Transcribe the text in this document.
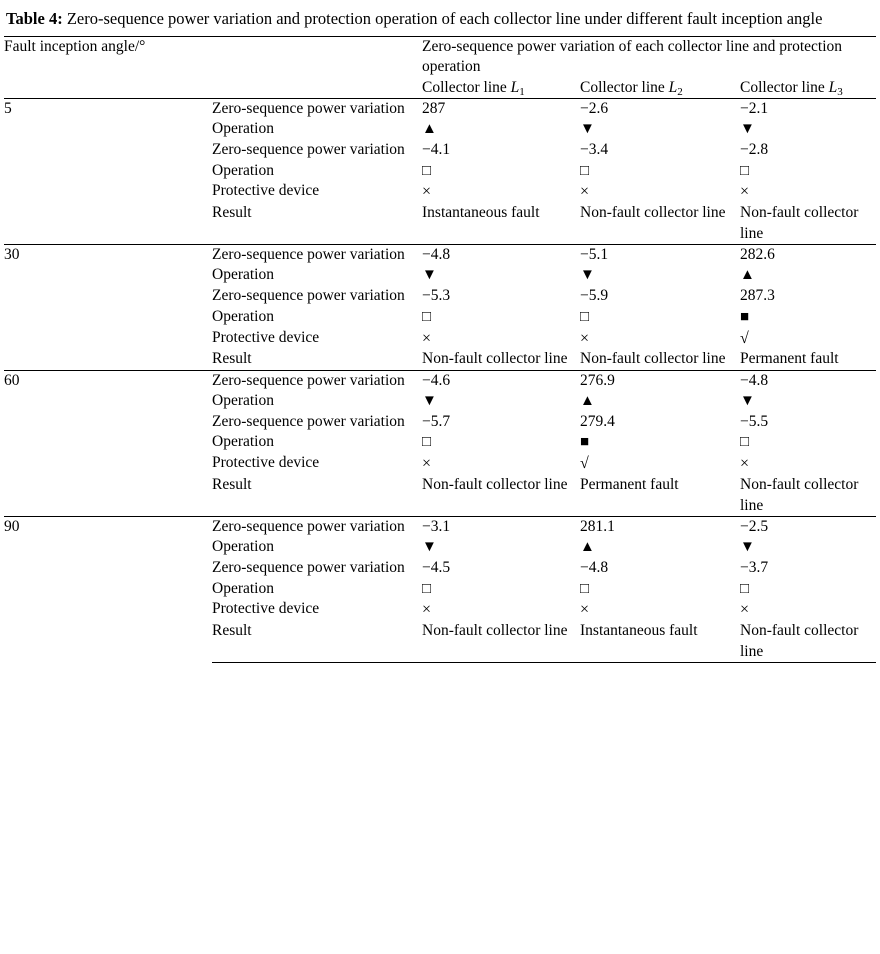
Table 4: Zero-sequence power variation and protection operation of each collector line under different fault inception angle
Fault inception angle/°		Zero-sequence power variation of each collector line and protection operation		
		Collector line $L_1$	Collector line $L_2$	Collector line $L_3$
5	Zero-sequence power variation	287	−2.6	−2.1
	Operation	▲	▼	▼
	Zero-sequence power variation	−4.1	−3.4	−2.8
	Operation	□	□	□
	Protective device	×	×	×
	Result	Instantaneous fault	Non-fault collector line	Non-fault collector line
30	Zero-sequence power variation	−4.8	−5.1	282.6
	Operation	▼	▼	▲
	Zero-sequence power variation	−5.3	−5.9	287.3
	Operation	□	□	■
	Protective device	×	×	√
	Result	Non-fault collector line	Non-fault collector line	Permanent fault
60	Zero-sequence power variation	−4.6	276.9	−4.8
	Operation	▼	▲	▼
	Zero-sequence power variation	−5.7	279.4	−5.5
	Operation	□	■	□
	Protective device	×	√	×
	Result	Non-fault collector line	Permanent fault	Non-fault collector line
90	Zero-sequence power variation	−3.1	281.1	−2.5
	Operation	▼	▲	▼
	Zero-sequence power variation	−4.5	−4.8	−3.7
	Operation	□	□	□
	Protective device	×	×	×
	Result	Non-fault collector line	Instantaneous fault	Non-fault collector line
